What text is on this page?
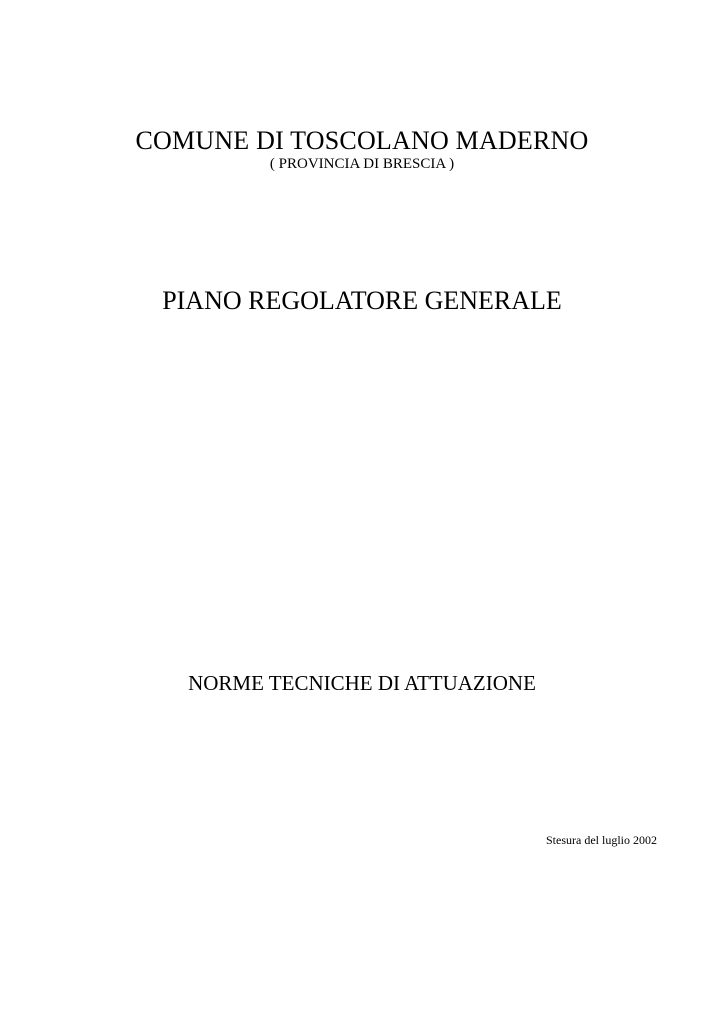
COMUNE DI TOSCOLANO MADERNO
( PROVINCIA DI BRESCIA )
PIANO REGOLATORE GENERALE
NORME TECNICHE DI ATTUAZIONE
Stesura del luglio 2002
